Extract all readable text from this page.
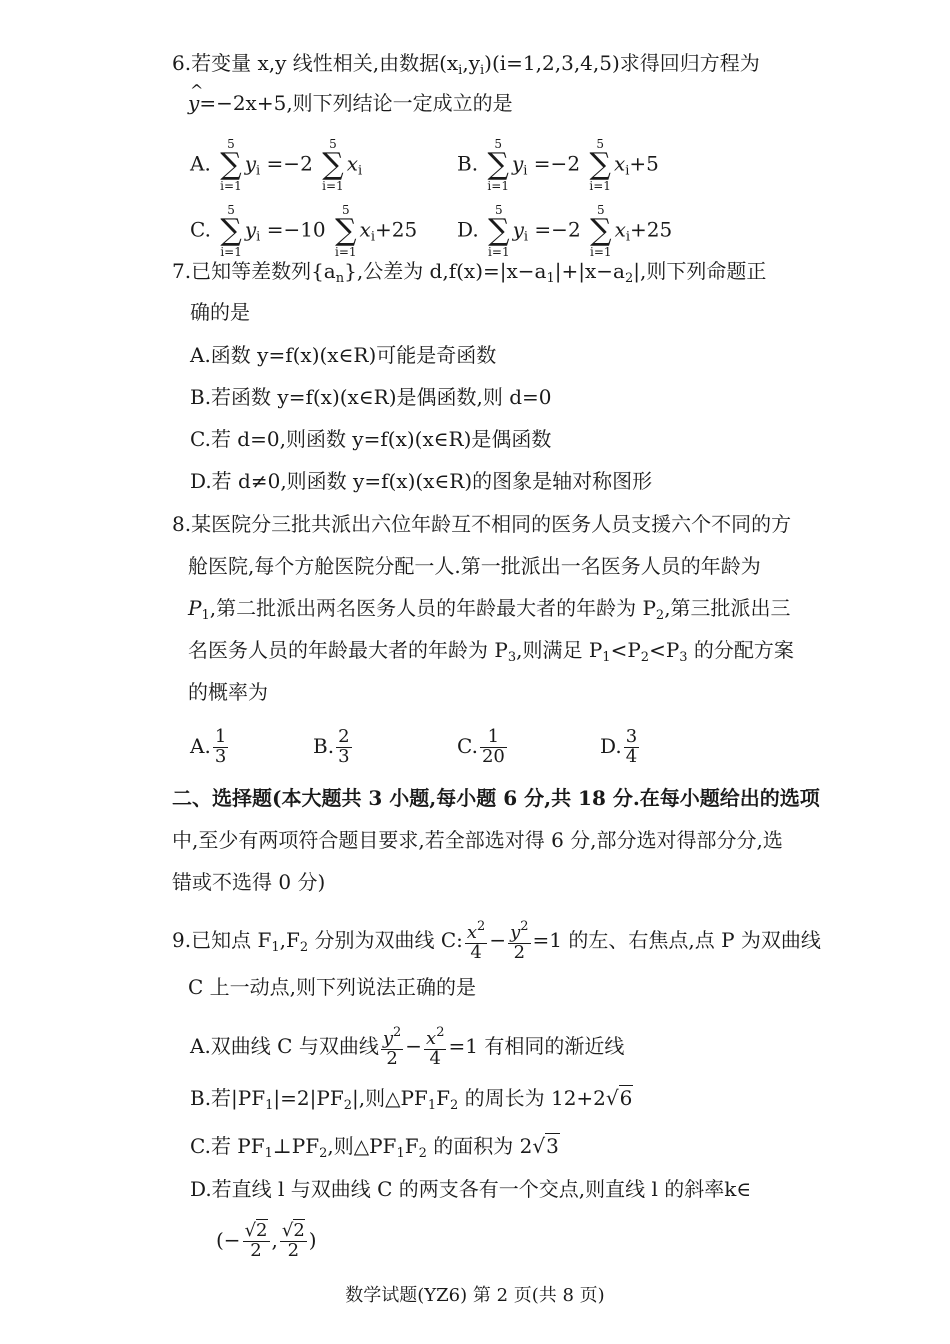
6.若变量 x,y 线性相关,由数据$(x_i,y_i)(i=1,2,3,4,5)$求得回归方程为
^ y=−2x+5,则下列结论一定成立的是
A.
5
∑
i=1
$y_i =-2$
5
∑
i=1
$x_i$	B.
5
∑
i=1
$y_i =-2$
5
∑
i=1
$x_i+5$
C.
5
∑
i=1
$y_i =-10$
5
∑
i=1
$x_i+25$ D.
5
∑
i=1
$y_i =-2$
5
∑
i=1
$x_i+25$
7.已知等差数列$\{a_n\}$,公差为 $d,f(x)=|x-a_1|+|x-a_2|$,则下列命题正
确的是
A.函数 y=f(x)(x∈R)可能是奇函数
B.若函数 y=f(x)(x∈R)是偶函数,则 d=0
C.若 d=0,则函数 y=f(x)(x∈R)是偶函数
D.若 d≠0,则函数 y=f(x)(x∈R)的图象是轴对称图形
8.某医院分三批共派出六位年龄互不相同的医务人员支援六个不同的方
舱医院,每个方舱医院分配一人.第一批派出一名医务人员的年龄为
$P_1$,第二批派出两名医务人员的年龄最大者的年龄为 $P_2$,第三批派出三
名医务人员的年龄最大者的年龄为 $P_3$,则满足 $P_1<P_2<P_3$ 的分配方案
的概率为
A. $\frac{1}{3}$	B. $\frac{2}{3}$	C. $\frac{1}{20}$	D. $\frac{3}{4}$
二、选择题(本大题共 3 小题,每小题 6 分,共 18 分.在每小题给出的选项
中,至少有两项符合题目要求,若全部选对得 6 分,部分选对得部分分,选
错或不选得 0 分)
9.已知点 $F_1,F_2$ 分别为双曲线 C: $\frac{x^2}{4} - \frac{y^2}{2} =1$ 的左、右焦点,点 P 为双曲线
C 上一动点,则下列说法正确的是
A.双曲线 C 与双曲线 $\frac{y^2}{2} - \frac{x^2}{4} =1$ 有相同的渐近线
B.若$|PF_1|=2|PF_2|$,则$\triangle PF_1F_2$ 的周长为 12+2√6
C.若 $PF_1\perp PF_2$,则$\triangle PF_1F_2$ 的面积为 2√3
D.若直线 l 与双曲线 C 的两支各有一个交点,则直线 l 的斜率k∈
(− $\frac{√2}{2}$ , $\frac{√2}{2}$ )
数学试题(YZ6) 第 2 页(共 8 页)
